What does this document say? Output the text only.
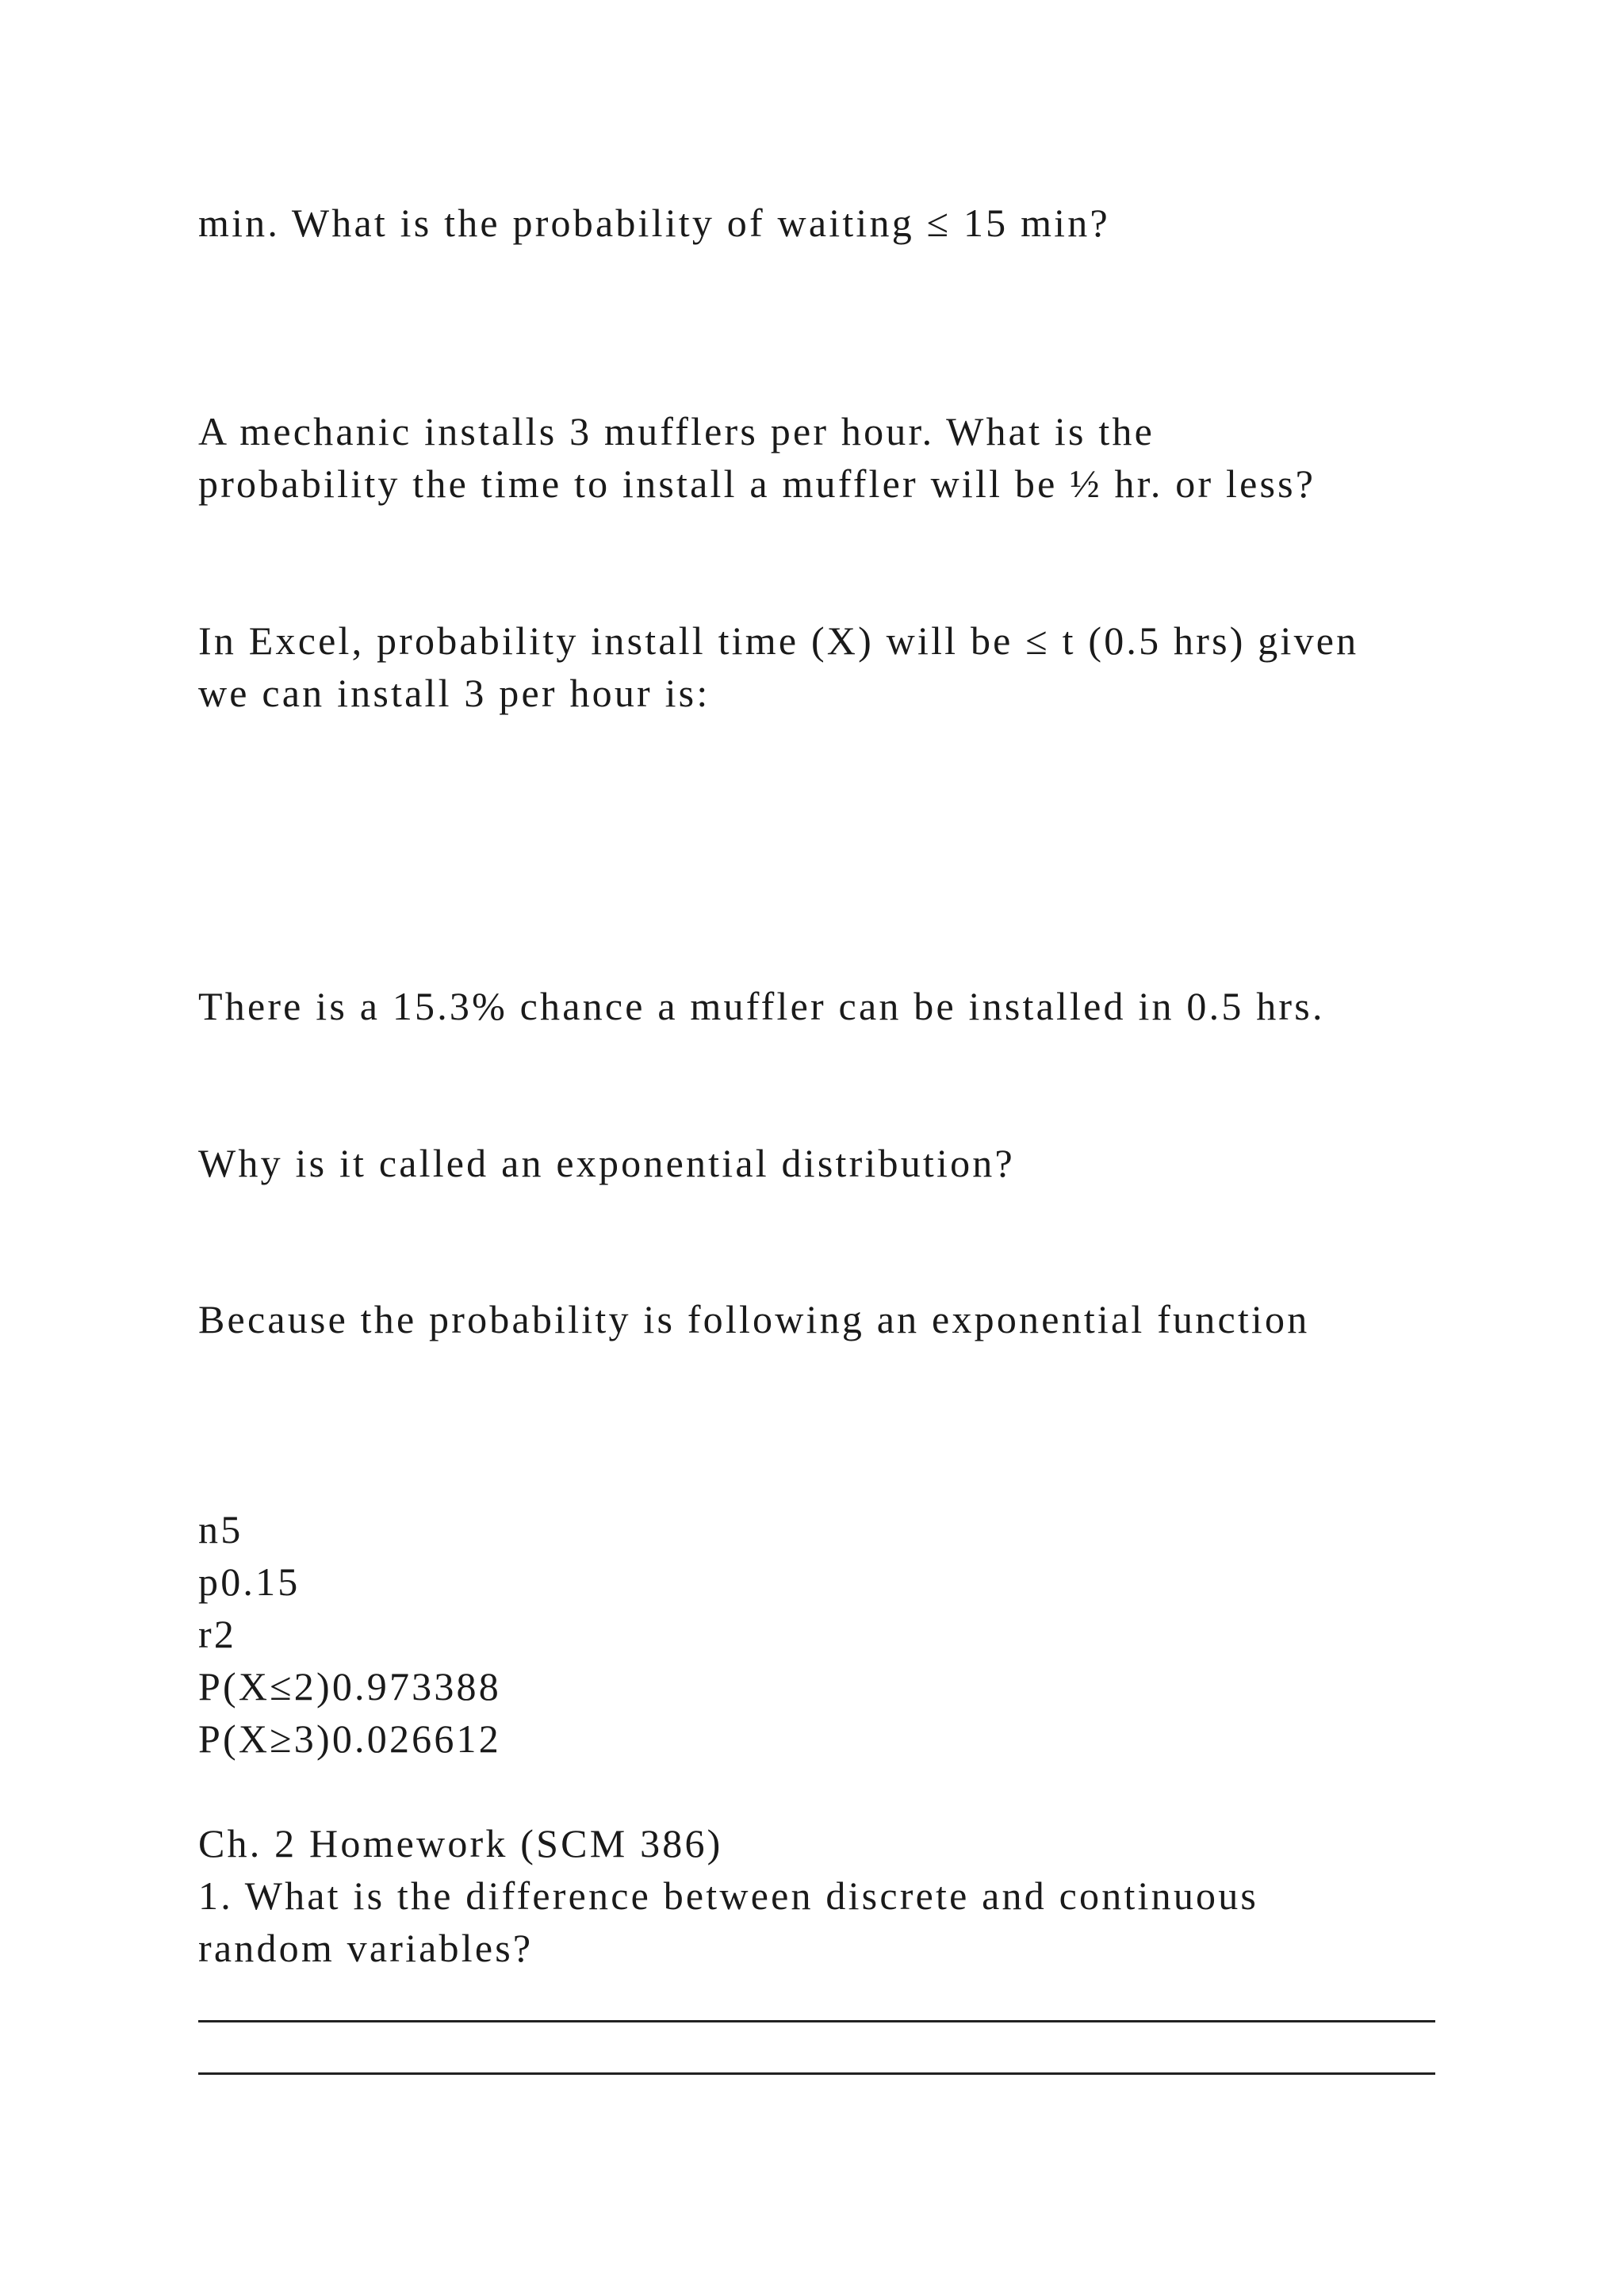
min. What is the probability of waiting ≤ 15 min?
A mechanic installs 3 mufflers per hour. What is the
probability the time to install a muffler will be ½ hr. or less?
In Excel, probability install time (X) will be ≤ t (0.5 hrs) given
we can install 3 per hour is:
There is a 15.3% chance a muffler can be installed in 0.5 hrs.
Why is it called an exponential distribution?
Because the probability is following an exponential function
n5
p0.15
r2
P(X≤2)0.973388
P(X≥3)0.026612
Ch. 2 Homework (SCM 386)
1. What is the difference between discrete and continuous
random variables?
